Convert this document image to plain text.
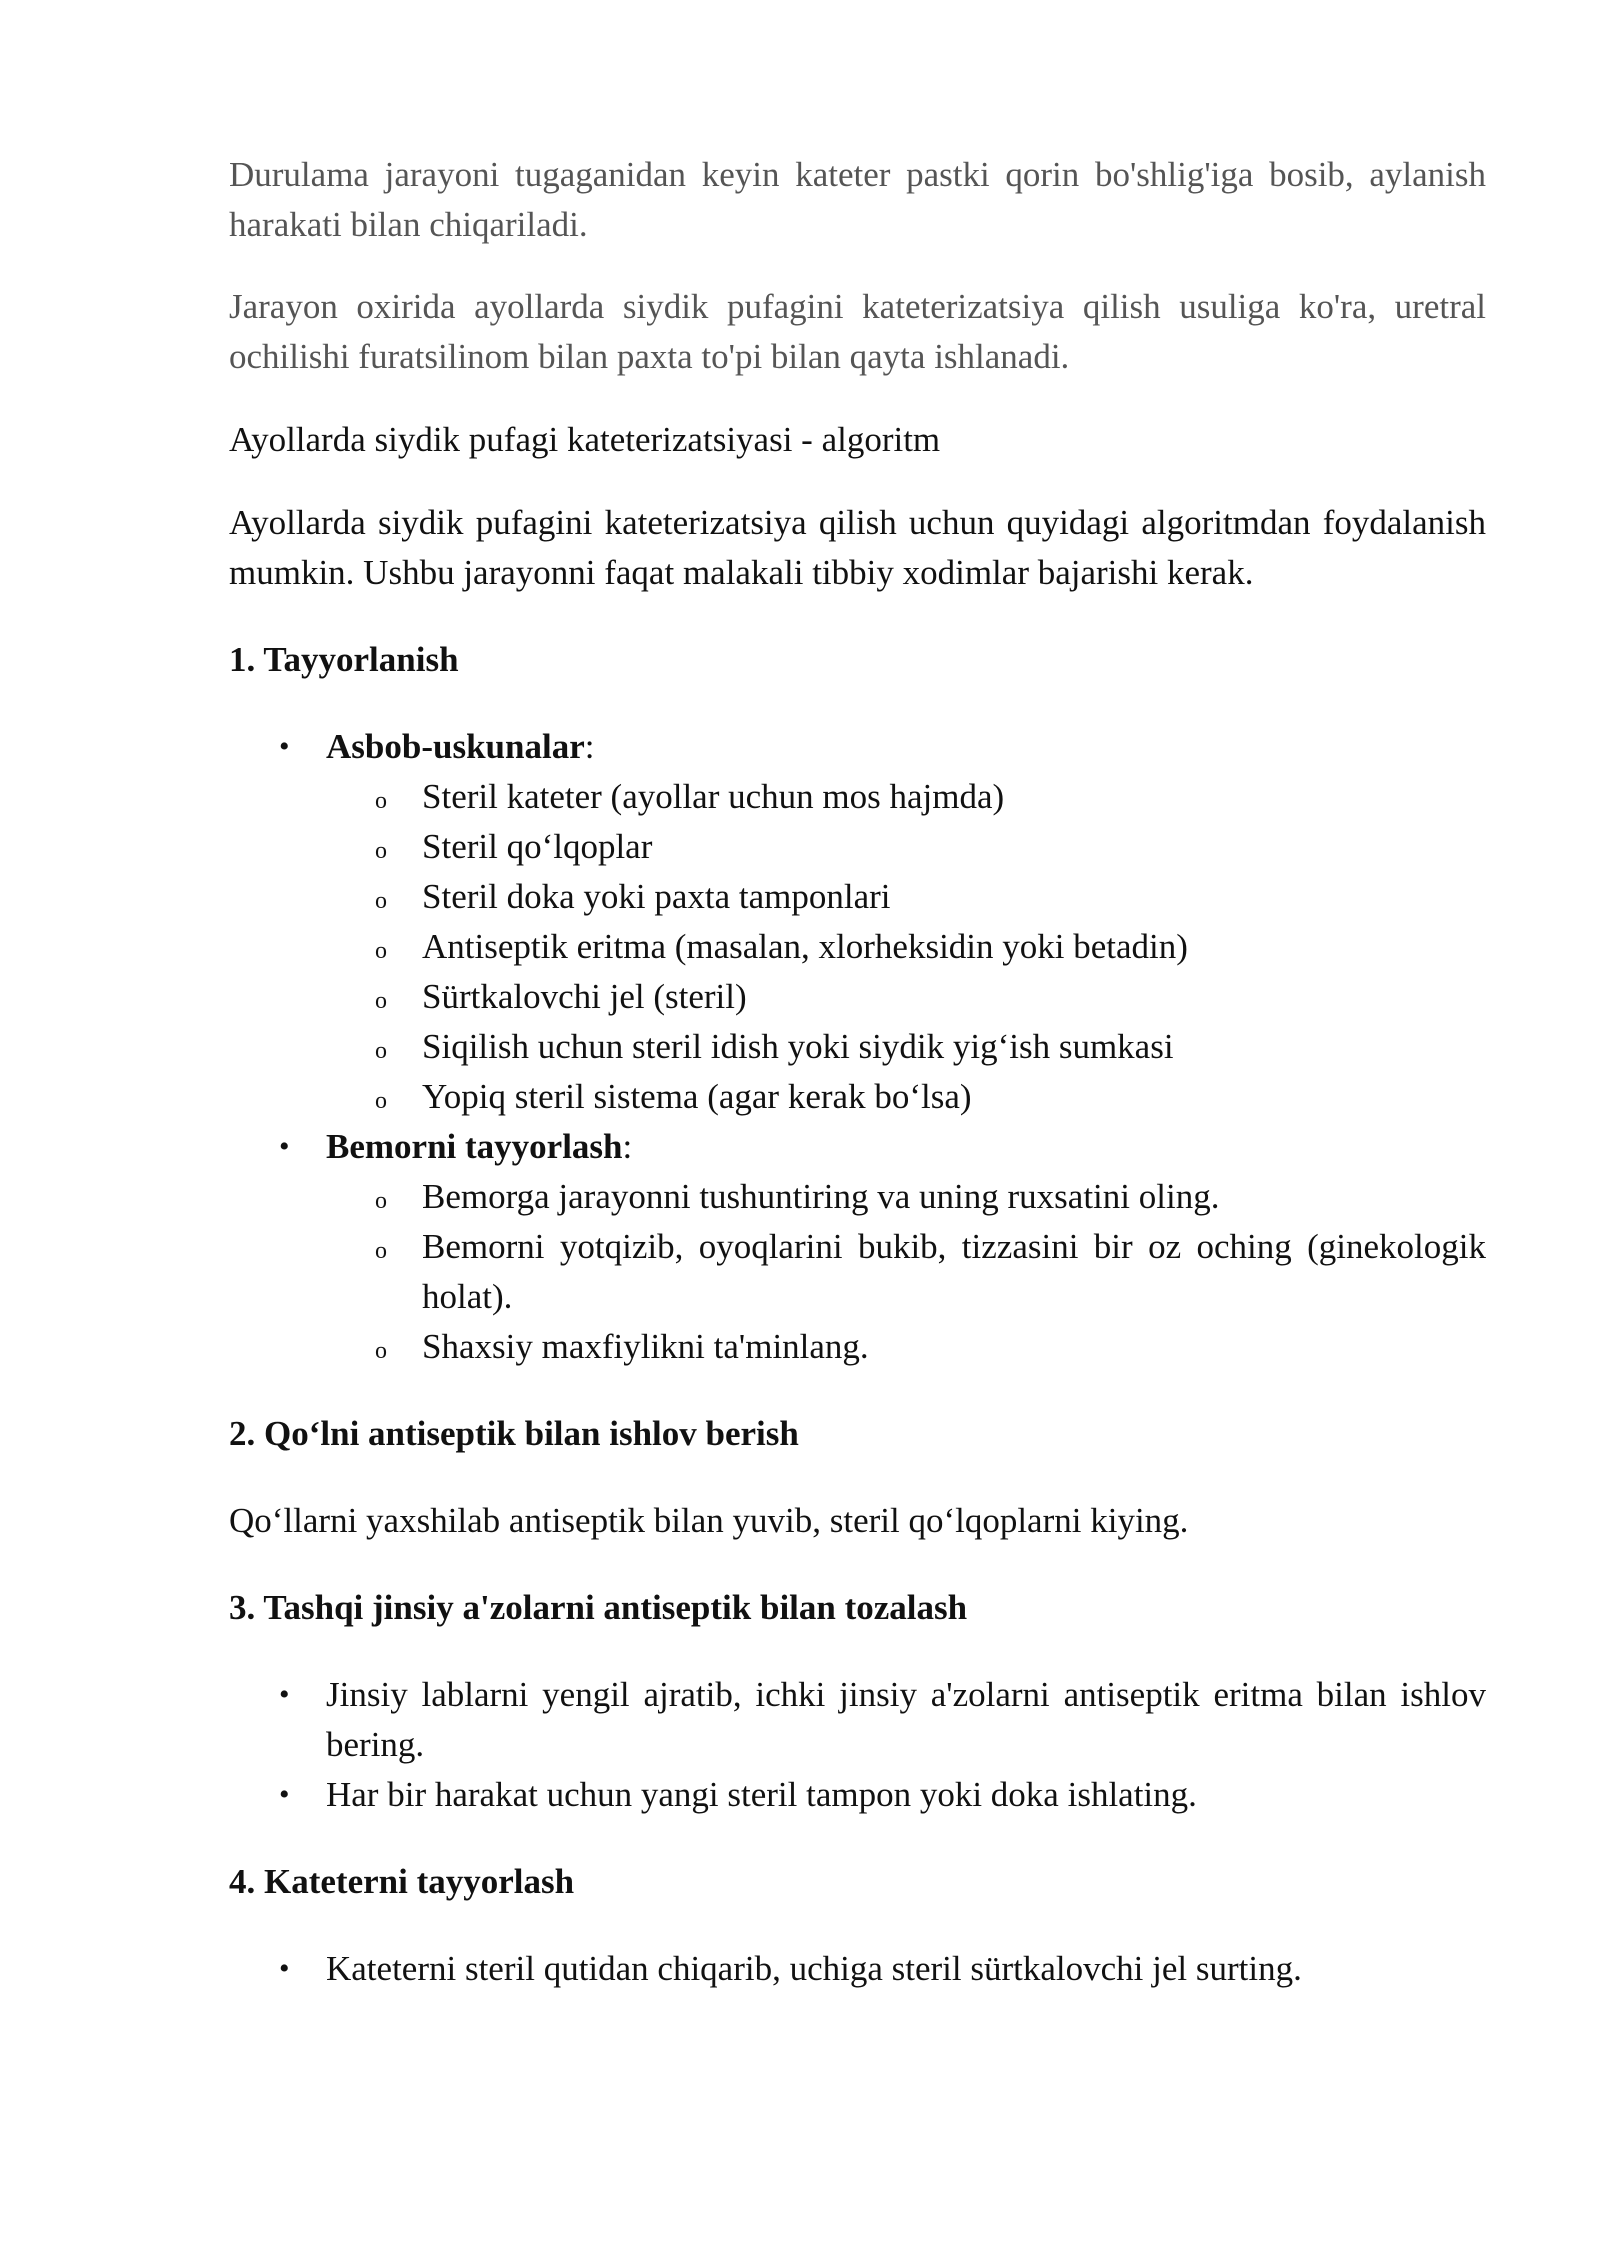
Durulama jarayoni tugaganidan keyin kateter pastki qorin bo'shlig'iga bosib, aylanish harakati bilan chiqariladi.

Jarayon oxirida ayollarda siydik pufagini kateterizatsiya qilish usuliga ko'ra, uretral ochilishi furatsilinom bilan paxta to'pi bilan qayta ishlanadi.

Ayollarda siydik pufagi kateterizatsiyasi - algoritm

Ayollarda siydik pufagini kateterizatsiya qilish uchun quyidagi algoritmdan foydalanish mumkin. Ushbu jarayonni faqat malakali tibbiy xodimlar bajarishi kerak.

1. Tayyorlanish
• Asbob-uskunalar:
o Steril kateter (ayollar uchun mos hajmda)
o Steril qo‘lqoplar
o Steril doka yoki paxta tamponlari
o Antiseptik eritma (masalan, xlorheksidin yoki betadin)
o Sürtkalovchi jel (steril)
o Siqilish uchun steril idish yoki siydik yig‘ish sumkasi
o Yopiq steril sistema (agar kerak bo‘lsa)
• Bemorni tayyorlash:
o Bemorga jarayonni tushuntiring va uning ruxsatini oling.
o Bemorni yotqizib, oyoqlarini bukib, tizzasini bir oz oching (ginekologik holat).
o Shaxsiy maxfiylikni ta'minlang.
2. Qo‘lni antiseptik bilan ishlov berish

Qo‘llarni yaxshilab antiseptik bilan yuvib, steril qo‘lqoplarni kiying.

3. Tashqi jinsiy a'zolarni antiseptik bilan tozalash
• Jinsiy lablarni yengil ajratib, ichki jinsiy a'zolarni antiseptik eritma bilan ishlov bering.
• Har bir harakat uchun yangi steril tampon yoki doka ishlating.
4. Kateterni tayyorlash
• Kateterni steril qutidan chiqarib, uchiga steril sürtkalovchi jel surting.
